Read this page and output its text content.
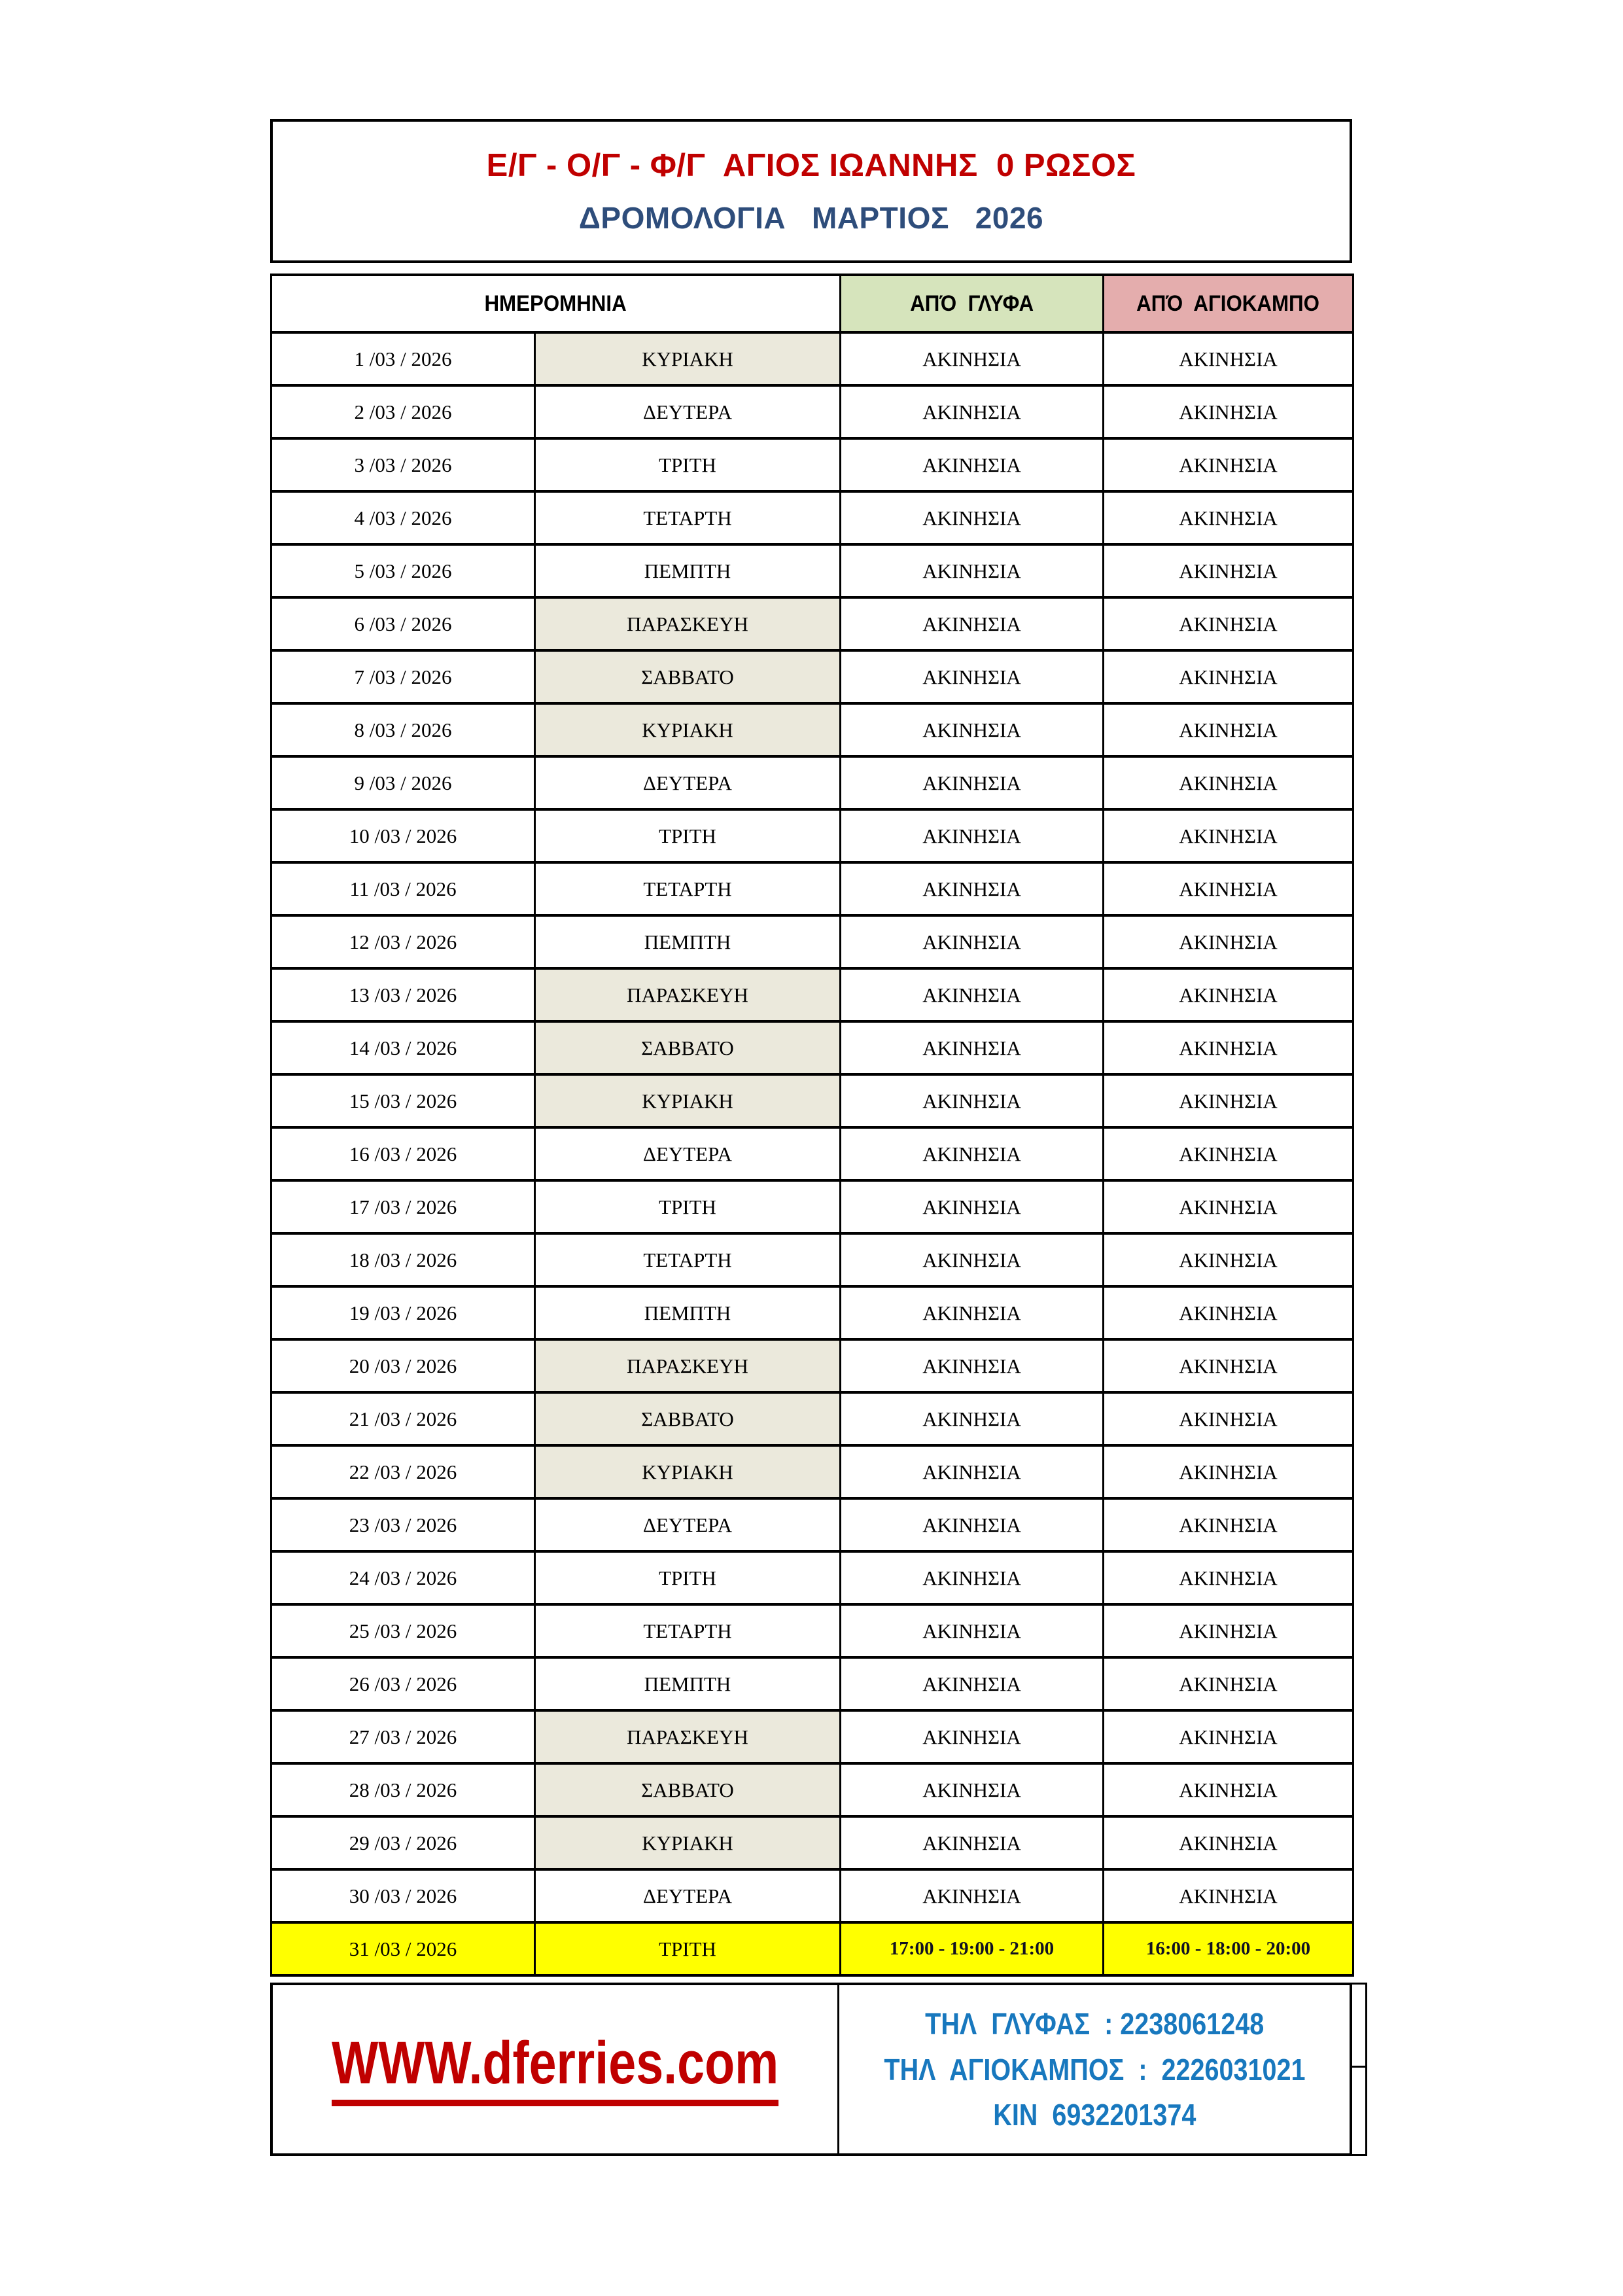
Ε/Γ - Ο/Γ - Φ/Γ  ΑΓΙΟΣ ΙΩΑΝΝΗΣ  0 ΡΩΣΟΣ
ΔΡΟΜΟΛΟΓΙΑ   ΜΑΡΤΙΟΣ   2026
ΗΜΕΡΟΜΗΝΙΑ		ΑΠΌ  ΓΛΥΦΑ	ΑΠΌ  ΑΓΙΟΚΑΜΠΟ
1 /03 / 2026	ΚΥΡΙΑΚΗ	ΑΚΙΝΗΣΙΑ	ΑΚΙΝΗΣΙΑ
2 /03 / 2026	ΔΕΥΤΕΡΑ	ΑΚΙΝΗΣΙΑ	ΑΚΙΝΗΣΙΑ
3 /03 / 2026	ΤΡΙΤΗ	ΑΚΙΝΗΣΙΑ	ΑΚΙΝΗΣΙΑ
4 /03 / 2026	ΤΕΤΑΡΤΗ	ΑΚΙΝΗΣΙΑ	ΑΚΙΝΗΣΙΑ
5 /03 / 2026	ΠΕΜΠΤΗ	ΑΚΙΝΗΣΙΑ	ΑΚΙΝΗΣΙΑ
6 /03 / 2026	ΠΑΡΑΣΚΕΥΗ	ΑΚΙΝΗΣΙΑ	ΑΚΙΝΗΣΙΑ
7 /03 / 2026	ΣΑΒΒΑΤΟ	ΑΚΙΝΗΣΙΑ	ΑΚΙΝΗΣΙΑ
8 /03 / 2026	ΚΥΡΙΑΚΗ	ΑΚΙΝΗΣΙΑ	ΑΚΙΝΗΣΙΑ
9 /03 / 2026	ΔΕΥΤΕΡΑ	ΑΚΙΝΗΣΙΑ	ΑΚΙΝΗΣΙΑ
10 /03 / 2026	ΤΡΙΤΗ	ΑΚΙΝΗΣΙΑ	ΑΚΙΝΗΣΙΑ
11 /03 / 2026	ΤΕΤΑΡΤΗ	ΑΚΙΝΗΣΙΑ	ΑΚΙΝΗΣΙΑ
12 /03 / 2026	ΠΕΜΠΤΗ	ΑΚΙΝΗΣΙΑ	ΑΚΙΝΗΣΙΑ
13 /03 / 2026	ΠΑΡΑΣΚΕΥΗ	ΑΚΙΝΗΣΙΑ	ΑΚΙΝΗΣΙΑ
14 /03 / 2026	ΣΑΒΒΑΤΟ	ΑΚΙΝΗΣΙΑ	ΑΚΙΝΗΣΙΑ
15 /03 / 2026	ΚΥΡΙΑΚΗ	ΑΚΙΝΗΣΙΑ	ΑΚΙΝΗΣΙΑ
16 /03 / 2026	ΔΕΥΤΕΡΑ	ΑΚΙΝΗΣΙΑ	ΑΚΙΝΗΣΙΑ
17 /03 / 2026	ΤΡΙΤΗ	ΑΚΙΝΗΣΙΑ	ΑΚΙΝΗΣΙΑ
18 /03 / 2026	ΤΕΤΑΡΤΗ	ΑΚΙΝΗΣΙΑ	ΑΚΙΝΗΣΙΑ
19 /03 / 2026	ΠΕΜΠΤΗ	ΑΚΙΝΗΣΙΑ	ΑΚΙΝΗΣΙΑ
20 /03 / 2026	ΠΑΡΑΣΚΕΥΗ	ΑΚΙΝΗΣΙΑ	ΑΚΙΝΗΣΙΑ
21 /03 / 2026	ΣΑΒΒΑΤΟ	ΑΚΙΝΗΣΙΑ	ΑΚΙΝΗΣΙΑ
22 /03 / 2026	ΚΥΡΙΑΚΗ	ΑΚΙΝΗΣΙΑ	ΑΚΙΝΗΣΙΑ
23 /03 / 2026	ΔΕΥΤΕΡΑ	ΑΚΙΝΗΣΙΑ	ΑΚΙΝΗΣΙΑ
24 /03 / 2026	ΤΡΙΤΗ	ΑΚΙΝΗΣΙΑ	ΑΚΙΝΗΣΙΑ
25 /03 / 2026	ΤΕΤΑΡΤΗ	ΑΚΙΝΗΣΙΑ	ΑΚΙΝΗΣΙΑ
26 /03 / 2026	ΠΕΜΠΤΗ	ΑΚΙΝΗΣΙΑ	ΑΚΙΝΗΣΙΑ
27 /03 / 2026	ΠΑΡΑΣΚΕΥΗ	ΑΚΙΝΗΣΙΑ	ΑΚΙΝΗΣΙΑ
28 /03 / 2026	ΣΑΒΒΑΤΟ	ΑΚΙΝΗΣΙΑ	ΑΚΙΝΗΣΙΑ
29 /03 / 2026	ΚΥΡΙΑΚΗ	ΑΚΙΝΗΣΙΑ	ΑΚΙΝΗΣΙΑ
30 /03 / 2026	ΔΕΥΤΕΡΑ	ΑΚΙΝΗΣΙΑ	ΑΚΙΝΗΣΙΑ
31 /03 / 2026	ΤΡΙΤΗ	17:00 - 19:00 - 21:00	16:00 - 18:00 - 20:00
WWW.dferries.com
ΤΗΛ  ΓΛΥΦΑΣ  : 2238061248
ΤΗΛ  ΑΓΙΟΚΑΜΠΟΣ  :  2226031021
ΚΙΝ  6932201374
